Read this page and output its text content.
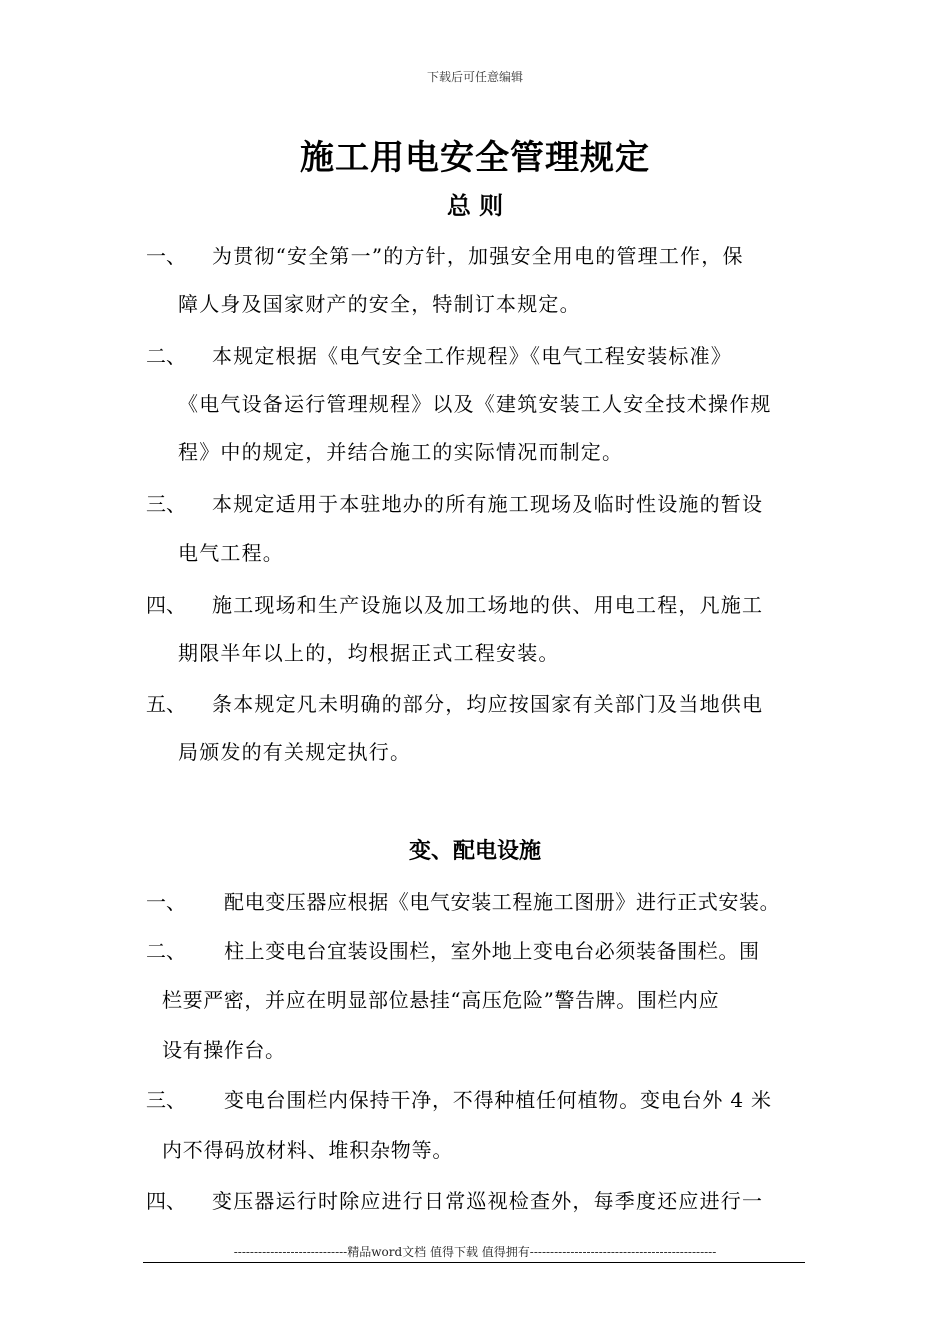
下载后可任意编辑
施工用电安全管理规定
总 则
一、 为贯彻“安全第一”的方针，加强安全用电的管理工作，保
障人身及国家财产的安全，特制订本规定。
二、 本规定根据《电气安全工作规程》《电气工程安装标准》
《电气设备运行管理规程》以及《建筑安装工人安全技术操作规
程》中的规定，并结合施工的实际情况而制定。
三、 本规定适用于本驻地办的所有施工现场及临时性设施的暂设
电气工程。
四、 施工现场和生产设施以及加工场地的供、用电工程，凡施工
期限半年以上的，均根据正式工程安装。
五、 条本规定凡未明确的部分，均应按国家有关部门及当地供电
局颁发的有关规定执行。
变、配电设施
一、 配电变压器应根据《电气安装工程施工图册》进行正式安装。
二、 柱上变电台宜装设围栏，室外地上变电台必须装备围栏。围
栏要严密，并应在明显部位悬挂“高压危险”警告牌。围栏内应
设有操作台。
三、 变电台围栏内保持干净，不得种植任何植物。变电台外 4 米
内不得码放材料、堆积杂物等。
四、 变压器运行时除应进行日常巡视检查外，每季度还应进行一
----------------------------精品word文档 值得下载 值得拥有----------------------------------------------
